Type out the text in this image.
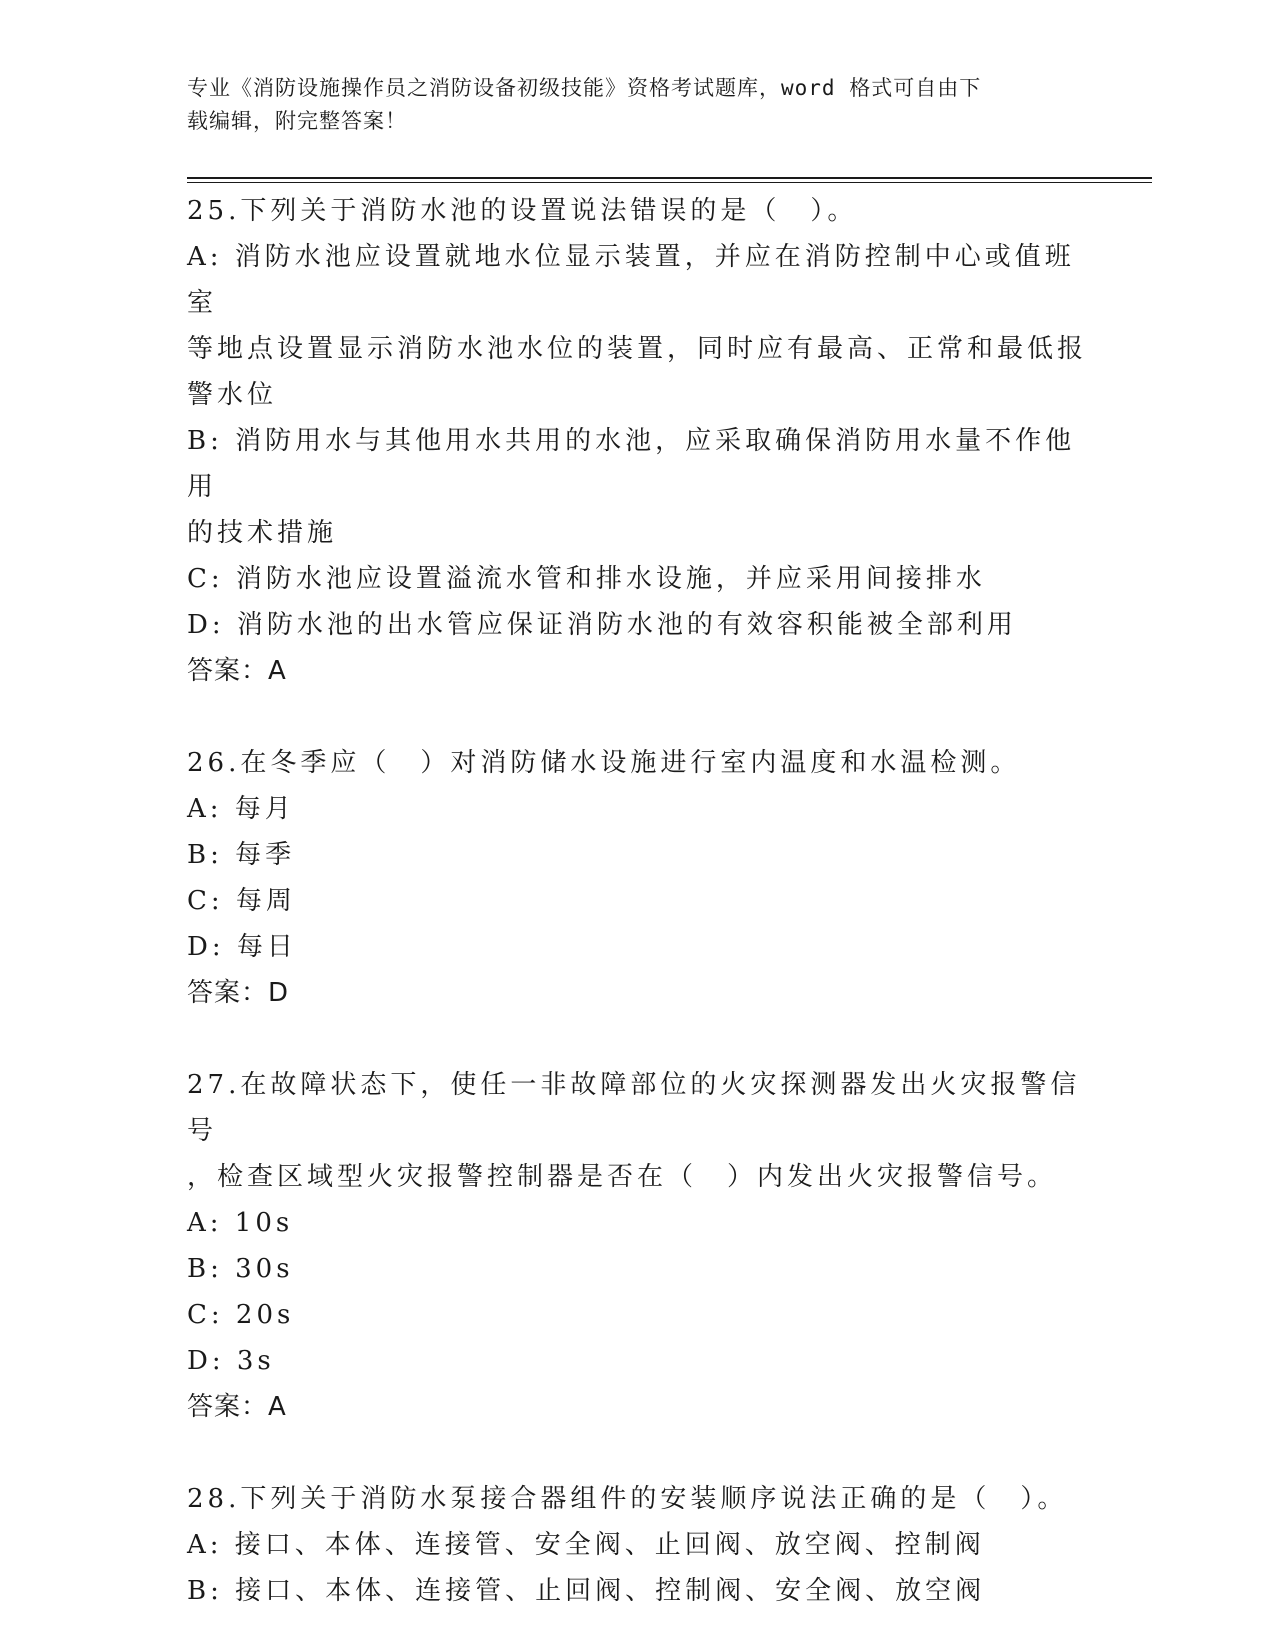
专业《消防设施操作员之消防设备初级技能》资格考试题库，word 格式可自由下
载编辑，附完整答案！
25.下列关于消防水池的设置说法错误的是（　）。
A: 消防水池应设置就地水位显示装置，并应在消防控制中心或值班室
等地点设置显示消防水池水位的装置，同时应有最高、正常和最低报
警水位
B: 消防用水与其他用水共用的水池，应采取确保消防用水量不作他用
的技术措施
C: 消防水池应设置溢流水管和排水设施，并应采用间接排水
D: 消防水池的出水管应保证消防水池的有效容积能被全部利用
答案：A
26.在冬季应（　）对消防储水设施进行室内温度和水温检测。
A: 每月
B: 每季
C: 每周
D: 每日
答案：D
27.在故障状态下，使任一非故障部位的火灾探测器发出火灾报警信号
，检查区域型火灾报警控制器是否在（　）内发出火灾报警信号。
A: 10s
B: 30s
C: 20s
D: 3s
答案：A
28.下列关于消防水泵接合器组件的安装顺序说法正确的是（　）。
A: 接口、本体、连接管、安全阀、止回阀、放空阀、控制阀
B: 接口、本体、连接管、止回阀、控制阀、安全阀、放空阀
